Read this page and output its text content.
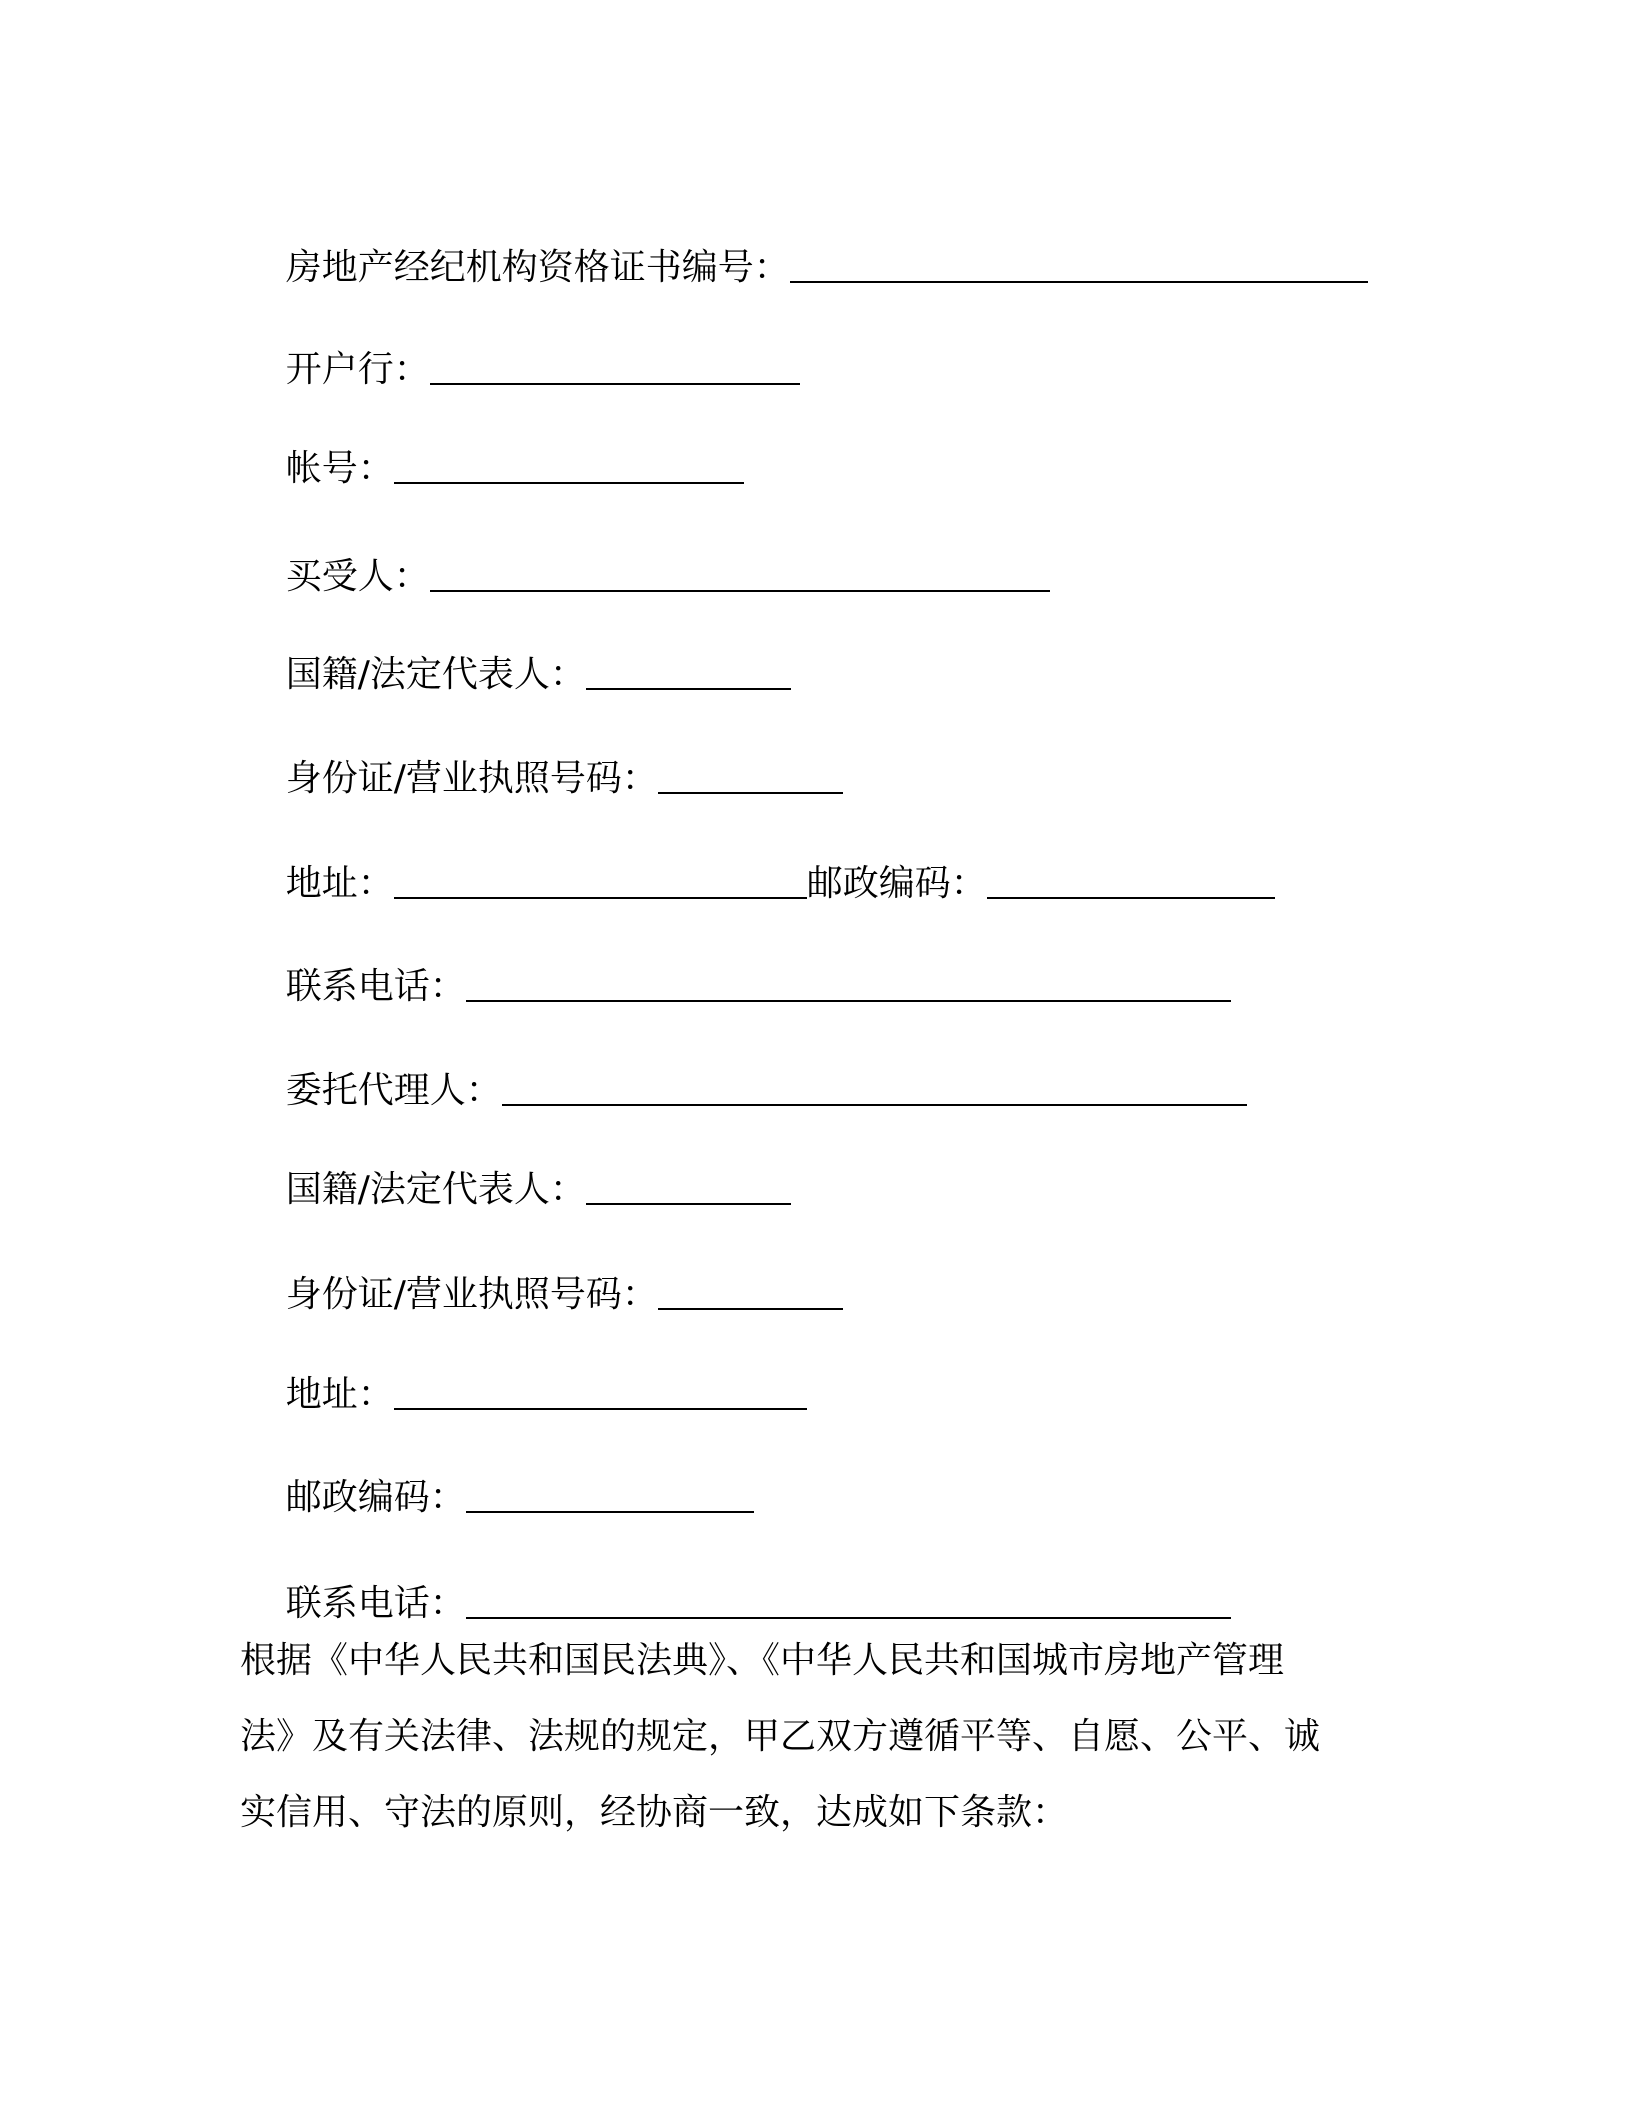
房地产经纪机构资格证书编号：

开户行：

帐号：

买受人：

国籍/法定代表人：

身份证/营业执照号码：

地址：	邮政编码：

联系电话：

委托代理人：

国籍/法定代表人：

身份证/营业执照号码：

地址：

邮政编码：

联系电话：

根据《中华人民共和国民法典》、《中华人民共和国城市房地产管理
法》及有关法律、法规的规定，甲乙双方遵循平等、自愿、公平、诚
实信用、守法的原则，经协商一致，达成如下条款：
